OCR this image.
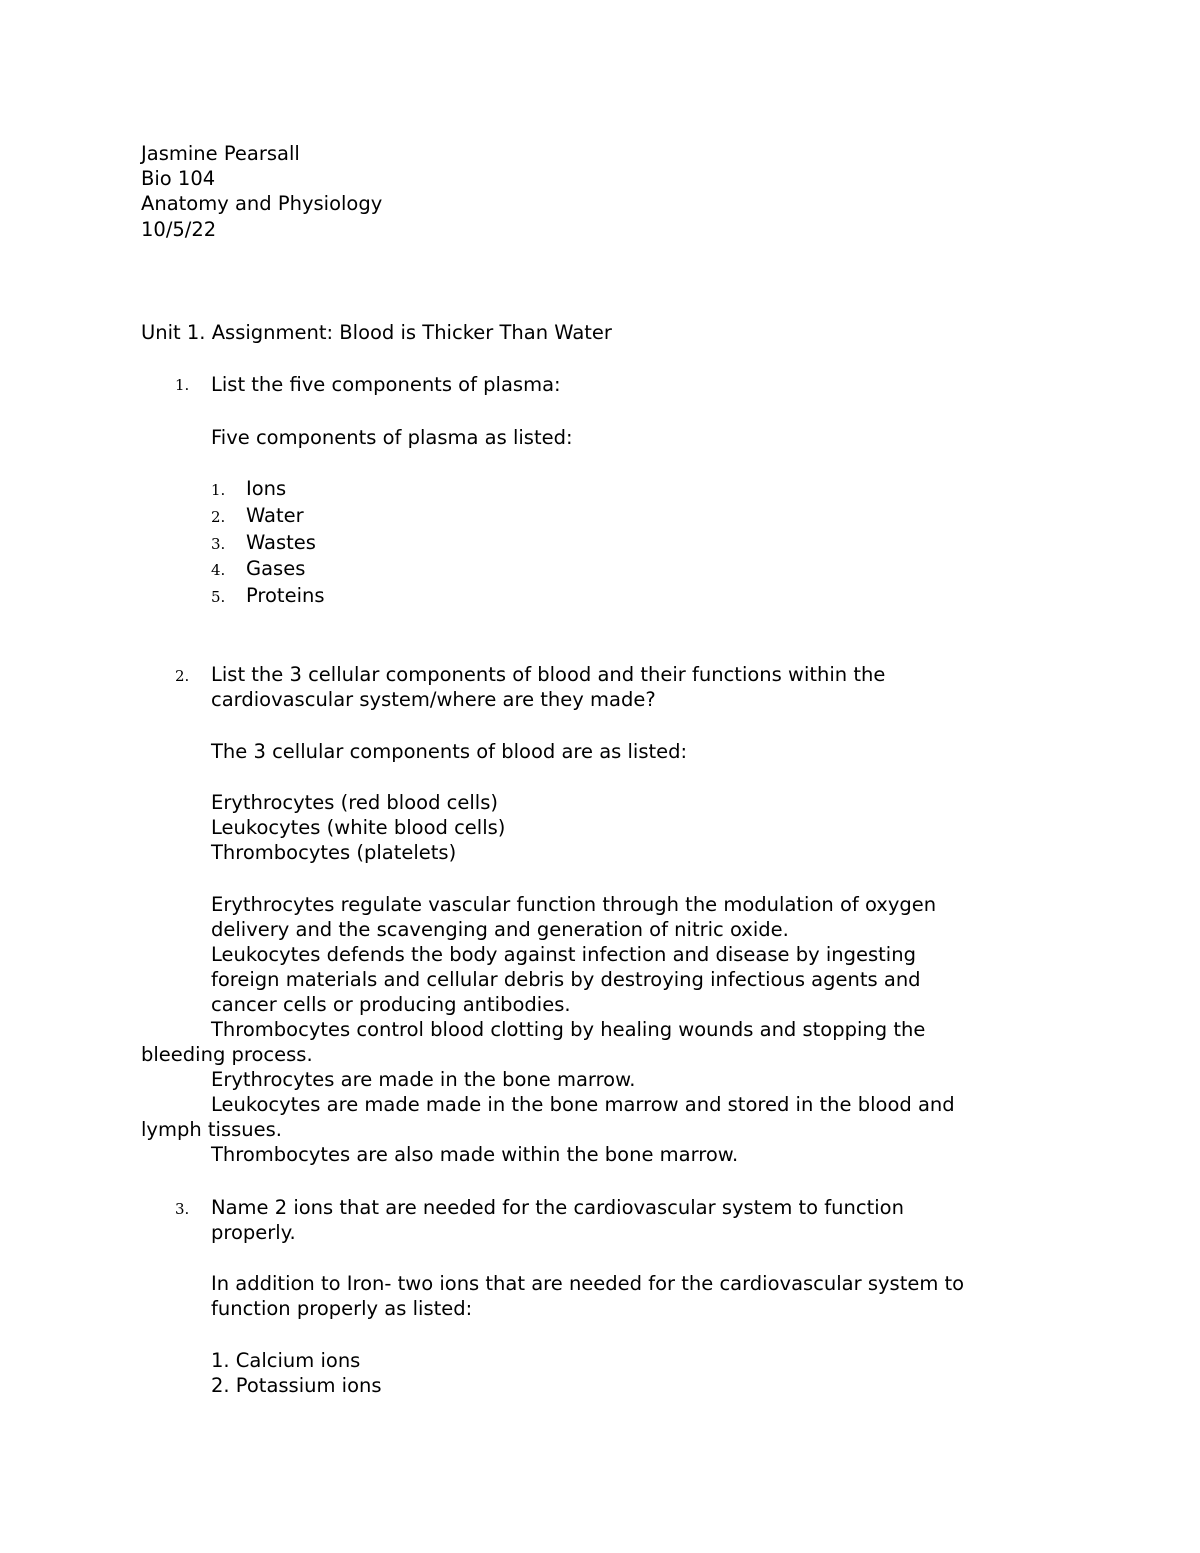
Jasmine Pearsall
Bio 104
Anatomy and Physiology
10/5/22
Unit 1. Assignment: Blood is Thicker Than Water
1. List the five components of plasma:
Five components of plasma as listed:
1. Ions
2. Water
3. Wastes
4. Gases
5. Proteins
2. List the 3 cellular components of blood and their functions within the
cardiovascular system/where are they made?
The 3 cellular components of blood are as listed:
Erythrocytes (red blood cells)
Leukocytes (white blood cells)
Thrombocytes (platelets)
Erythrocytes regulate vascular function through the modulation of oxygen
delivery and the scavenging and generation of nitric oxide.
Leukocytes defends the body against infection and disease by ingesting
foreign materials and cellular debris by destroying infectious agents and
cancer cells or producing antibodies.
Thrombocytes control blood clotting by healing wounds and stopping the
bleeding process.
Erythrocytes are made in the bone marrow.
Leukocytes are made made in the bone marrow and stored in the blood and
lymph tissues.
Thrombocytes are also made within the bone marrow.
3. Name 2 ions that are needed for the cardiovascular system to function
properly.
In addition to Iron- two ions that are needed for the cardiovascular system to
function properly as listed:
1. Calcium ions
2. Potassium ions
